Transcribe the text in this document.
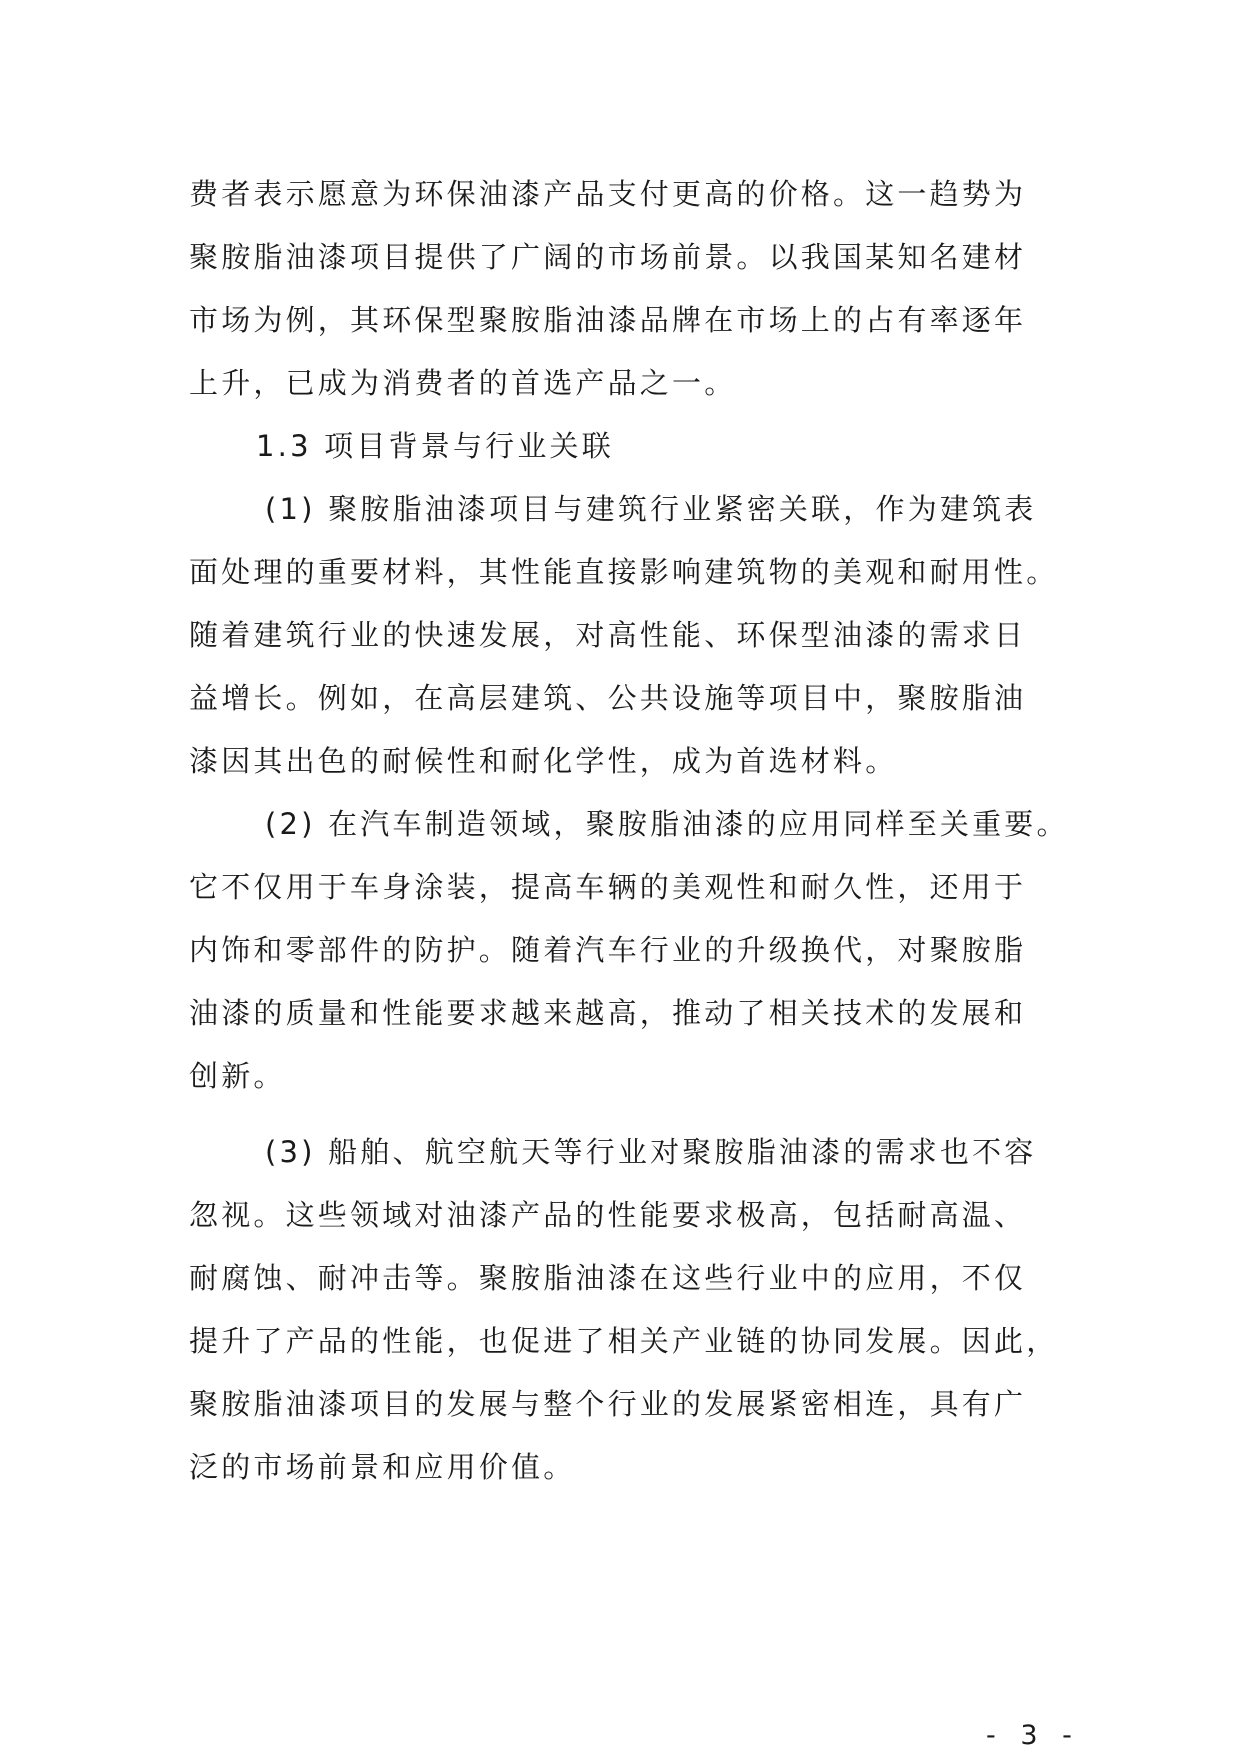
费者表示愿意为环保油漆产品支付更高的价格。这一趋势为
聚胺脂油漆项目提供了广阔的市场前景。以我国某知名建材
市场为例，其环保型聚胺脂油漆品牌在市场上的占有率逐年
上升，已成为消费者的首选产品之一。
1.3 项目背景与行业关联
(1) 聚胺脂油漆项目与建筑行业紧密关联，作为建筑表
面处理的重要材料，其性能直接影响建筑物的美观和耐用性。
随着建筑行业的快速发展，对高性能、环保型油漆的需求日
益增长。例如，在高层建筑、公共设施等项目中，聚胺脂油
漆因其出色的耐候性和耐化学性，成为首选材料。
(2) 在汽车制造领域，聚胺脂油漆的应用同样至关重要。
它不仅用于车身涂装，提高车辆的美观性和耐久性，还用于
内饰和零部件的防护。随着汽车行业的升级换代，对聚胺脂
油漆的质量和性能要求越来越高，推动了相关技术的发展和
创新。
(3) 船舶、航空航天等行业对聚胺脂油漆的需求也不容
忽视。这些领域对油漆产品的性能要求极高，包括耐高温、
耐腐蚀、耐冲击等。聚胺脂油漆在这些行业中的应用，不仅
提升了产品的性能，也促进了相关产业链的协同发展。因此，
聚胺脂油漆项目的发展与整个行业的发展紧密相连，具有广
泛的市场前景和应用价值。
- 3 -
